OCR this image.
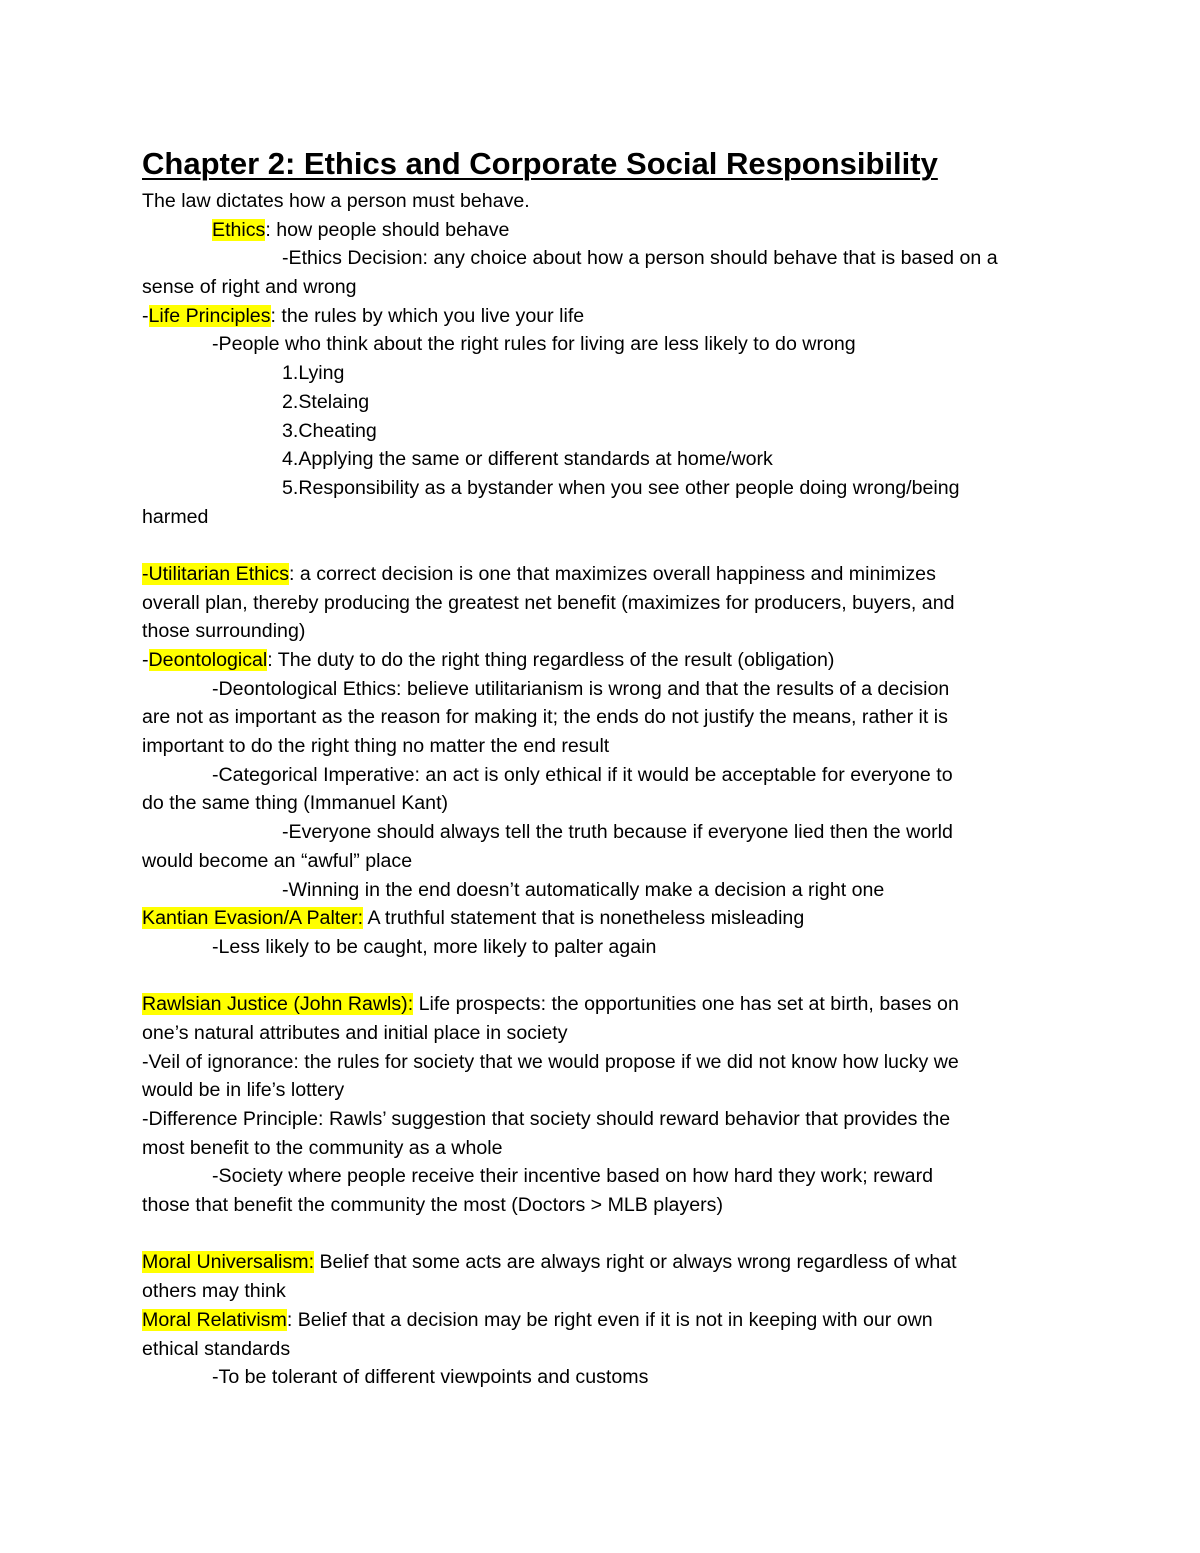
Chapter 2: Ethics and Corporate Social Responsibility
The law dictates how a person must behave.
Ethics: how people should behave
-Ethics Decision: any choice about how a person should behave that is based on a
sense of right and wrong
-Life Principles: the rules by which you live your life
-People who think about the right rules for living are less likely to do wrong
1.Lying
2.Stelaing
3.Cheating
4.Applying the same or different standards at home/work
5.Responsibility as a bystander when you see other people doing wrong/being
harmed
-Utilitarian Ethics: a correct decision is one that maximizes overall happiness and minimizes
overall plan, thereby producing the greatest net benefit (maximizes for producers, buyers, and
those surrounding)
-Deontological: The duty to do the right thing regardless of the result (obligation)
-Deontological Ethics: believe utilitarianism is wrong and that the results of a decision
are not as important as the reason for making it; the ends do not justify the means, rather it is
important to do the right thing no matter the end result
-Categorical Imperative: an act is only ethical if it would be acceptable for everyone to
do the same thing (Immanuel Kant)
-Everyone should always tell the truth because if everyone lied then the world
would become an “awful” place
-Winning in the end doesn’t automatically make a decision a right one
Kantian Evasion/A Palter: A truthful statement that is nonetheless misleading
-Less likely to be caught, more likely to palter again
Rawlsian Justice (John Rawls): Life prospects: the opportunities one has set at birth, bases on
one’s natural attributes and initial place in society
-Veil of ignorance: the rules for society that we would propose if we did not know how lucky we
would be in life’s lottery
-Difference Principle: Rawls’ suggestion that society should reward behavior that provides the
most benefit to the community as a whole
-Society where people receive their incentive based on how hard they work; reward
those that benefit the community the most (Doctors > MLB players)
Moral Universalism: Belief that some acts are always right or always wrong regardless of what
others may think
Moral Relativism: Belief that a decision may be right even if it is not in keeping with our own
ethical standards
-To be tolerant of different viewpoints and customs
